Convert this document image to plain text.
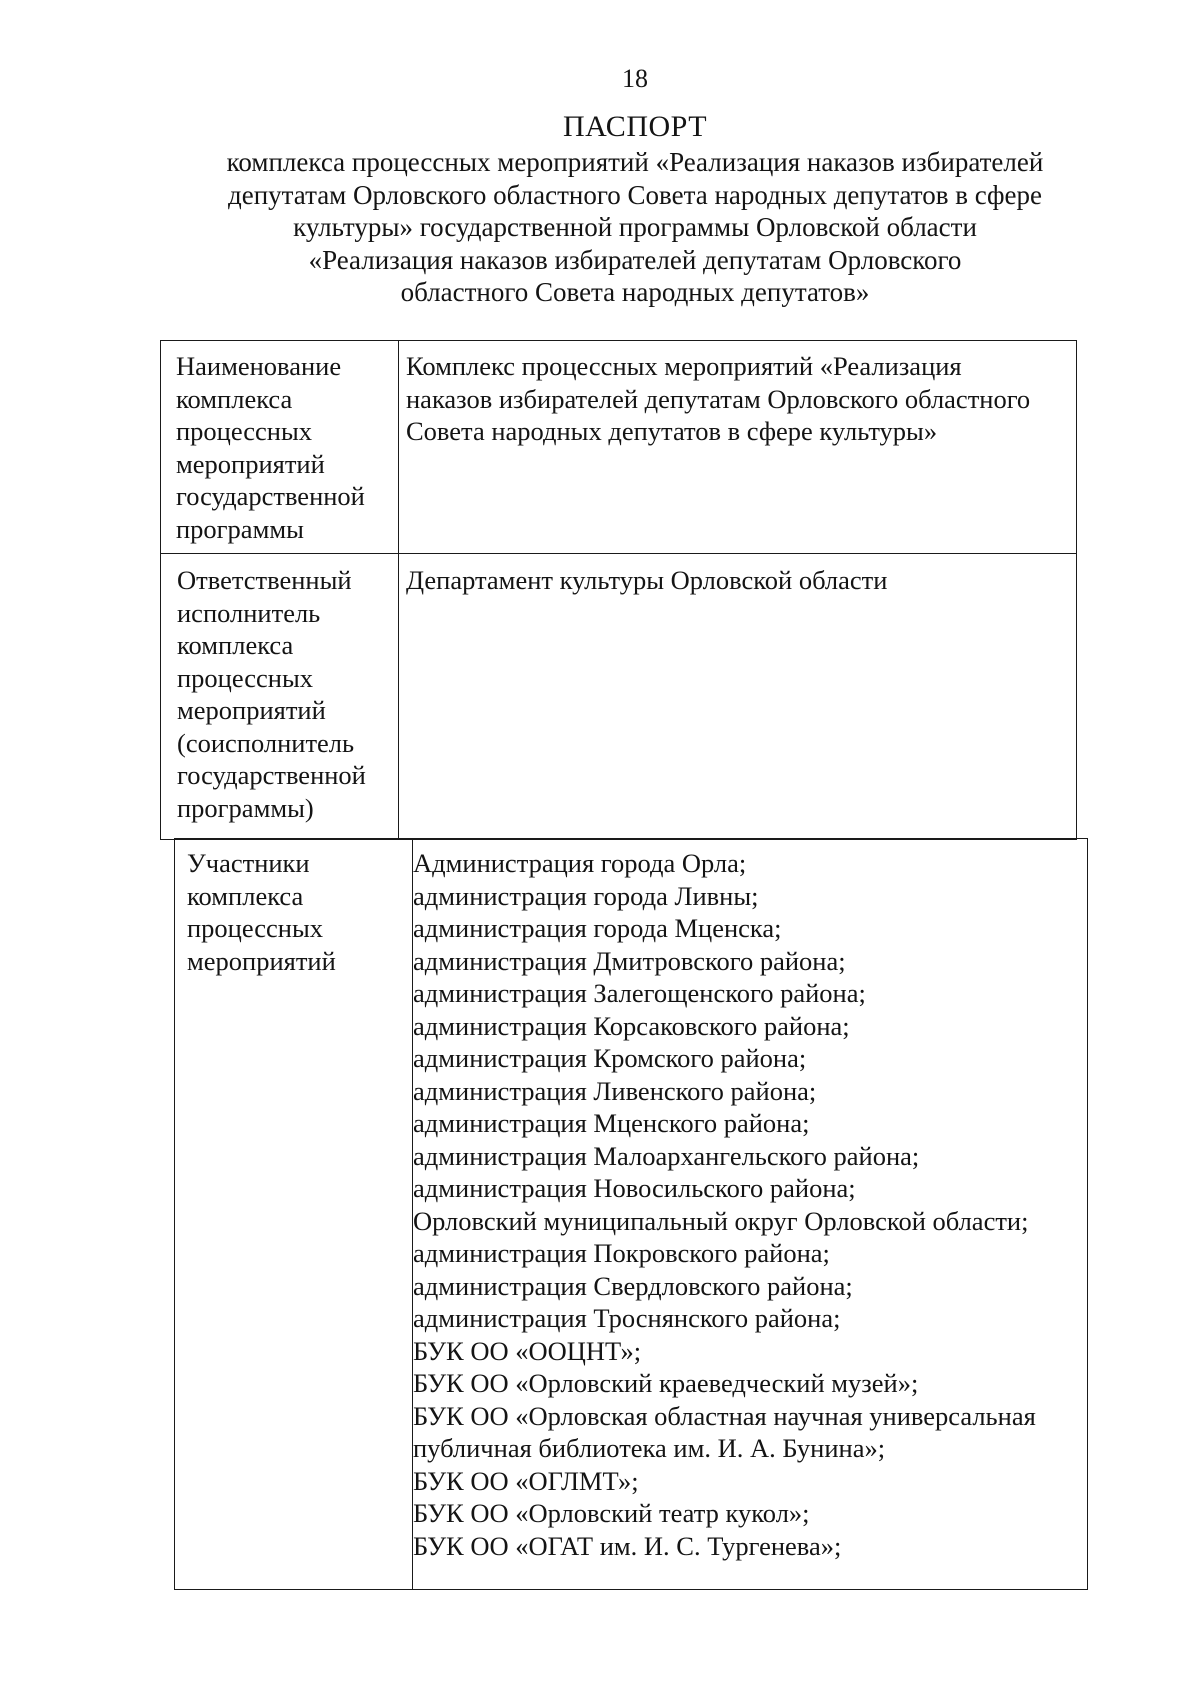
18
ПАСПОРТ
комплекса процессных мероприятий «Реализация наказов избирателей
депутатам Орловского областного Совета народных депутатов в сфере
культуры» государственной программы Орловской области
«Реализация наказов избирателей депутатам Орловского
областного Совета народных депутатов»
Наименование
комплекса
процессных
мероприятий
государственной
программы
Комплекс процессных мероприятий «Реализация
наказов избирателей депутатам Орловского областного
Совета народных депутатов в сфере культуры»
Ответственный
исполнитель
комплекса
процессных
мероприятий
(соисполнитель
государственной
программы)
Департамент культуры Орловской области
Участники
комплекса
процессных
мероприятий
Администрация города Орла;
администрация города Ливны;
администрация города Мценска;
администрация Дмитровского района;
администрация Залегощенского района;
администрация Корсаковского района;
администрация Кромского района;
администрация Ливенского района;
администрация Мценского района;
администрация Малоархангельского района;
администрация Новосильского района;
Орловский муниципальный округ Орловской области;
администрация Покровского района;
администрация Свердловского района;
администрация Троснянского района;
БУК ОО «ООЦНТ»;
БУК ОО «Орловский краеведческий музей»;
БУК ОО «Орловская областная научная универсальная
публичная библиотека им. И. А. Бунина»;
БУК ОО «ОГЛМТ»;
БУК ОО «Орловский театр кукол»;
БУК ОО «ОГАТ им. И. С. Тургенева»;
